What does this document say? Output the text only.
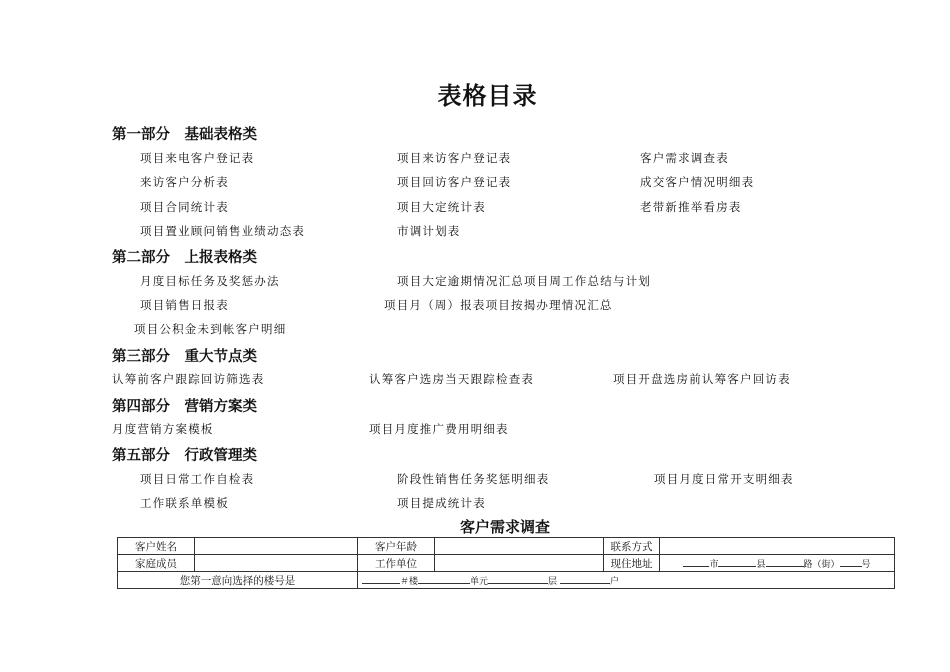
表格目录
第一部分　基础表格类
项目来电客户登记表	项目来访客户登记表	客户需求调查表
来访客户分析表	项目回访客户登记表	成交客户情况明细表
项目合同统计表	项目大定统计表	老带新推举看房表
项目置业顾问销售业绩动态表	市调计划表
第二部分　上报表格类
月度目标任务及奖惩办法	项目大定逾期情况汇总项目周工作总结与计划
项目销售日报表	项目月（周）报表项目按揭办理情况汇总
项目公积金未到帐客户明细
第三部分　重大节点类
认筹前客户跟踪回访筛选表	认筹客户选房当天跟踪检查表	项目开盘选房前认筹客户回访表
第四部分　营销方案类
月度营销方案模板	项目月度推广费用明细表
第五部分　行政管理类
项目日常工作自检表	阶段性销售任务奖惩明细表	项目月度日常开支明细表
工作联系单模板	项目提成统计表
客户需求调查
客户姓名		客户年龄		联系方式	
家庭成员		工作单位		现住地址	市 县 路（街） 号
您第一意向选择的楼号是		＃楼 单元 层 户			
